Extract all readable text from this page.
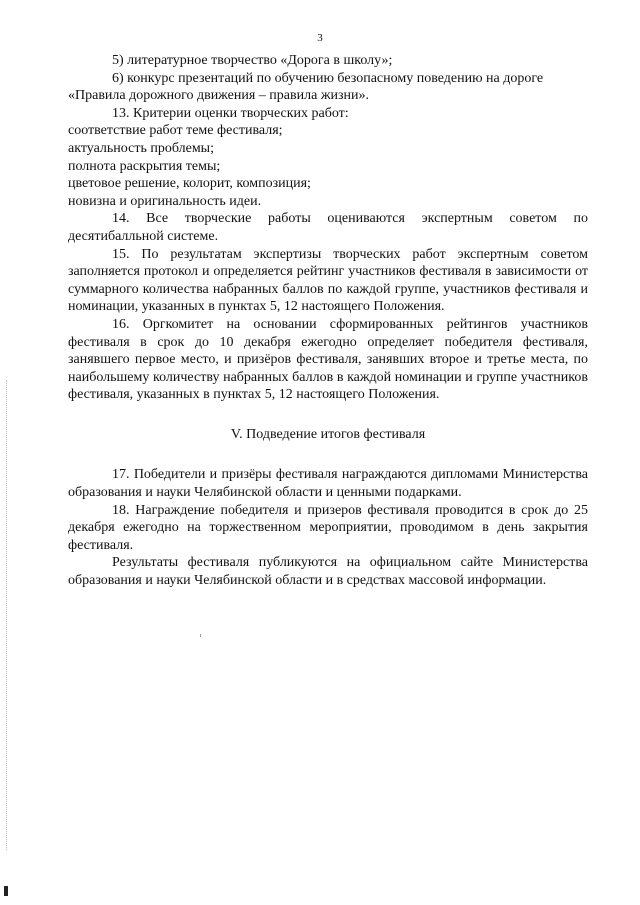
3

5) литературное творчество «Дорога в школу»;

6) конкурс презентаций по обучению безопасному поведению на дороге

«Правила дорожного движения – правила жизни».

13. Критерии оценки творческих работ:

соответствие работ теме фестиваля;

актуальность проблемы;

полнота раскрытия темы;

цветовое решение, колорит, композиция;

новизна и оригинальность идеи.

14. Все творческие работы оцениваются экспертным советом по десятибалльной системе.

15. По результатам экспертизы творческих работ экспертным советом заполняется протокол и определяется рейтинг участников фестиваля в зависимости от суммарного количества набранных баллов по каждой группе, участников фестиваля и номинации, указанных в пунктах 5, 12 настоящего Положения.

16. Оргкомитет на основании сформированных рейтингов участников фестиваля в срок до 10 декабря ежегодно определяет победителя фестиваля, занявшего первое место, и призёров фестиваля, занявших второе и третье места, по наибольшему количеству набранных баллов в каждой номинации и группе участников фестиваля, указанных в пунктах 5, 12 настоящего Положения.

V. Подведение итогов фестиваля

17. Победители и призёры фестиваля награждаются дипломами Министерства образования и науки Челябинской области и ценными подарками.

18. Награждение победителя и призеров фестиваля проводится в срок до 25 декабря ежегодно на торжественном мероприятии, проводимом в день закрытия фестиваля.

Результаты фестиваля публикуются на официальном сайте Министерства образования и науки Челябинской области и в средствах массовой информации.
